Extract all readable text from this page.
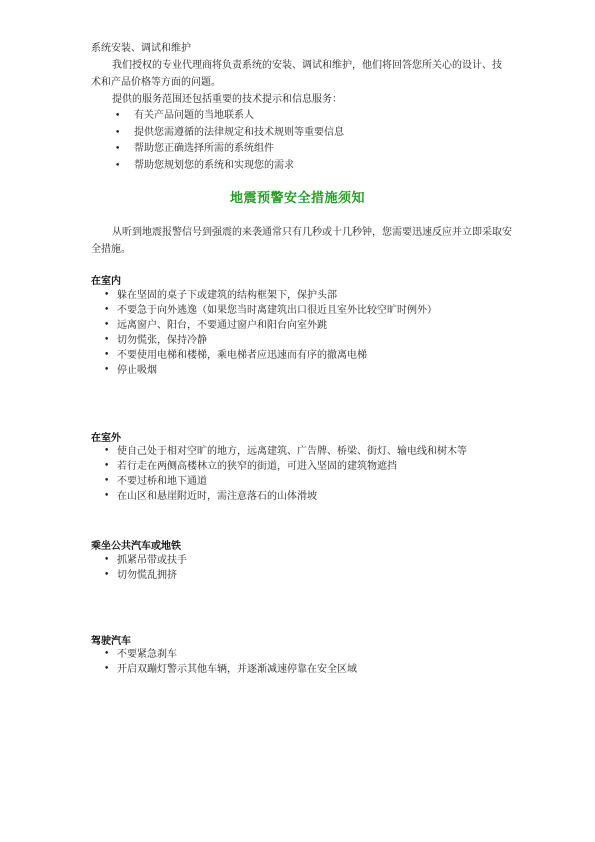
系统安装、调试和维护
我们授权的专业代理商将负责系统的安装、调试和维护，他们将回答您所关心的设计、技术和产品价格等方面的问题。
提供的服务范围还包括重要的技术提示和信息服务：
• 有关产品问题的当地联系人
• 提供您需遵循的法律规定和技术规则等重要信息
• 帮助您正确选择所需的系统组件
• 帮助您规划您的系统和实现您的需求
地震预警安全措施须知
从听到地震报警信号到强震的来袭通常只有几秒或十几秒钟，您需要迅速反应并立即采取安全措施。
在室内
• 躲在坚固的桌子下或建筑的结构框架下，保护头部
• 不要急于向外逃逸（如果您当时离建筑出口很近且室外比较空旷时例外）
• 远离窗户、阳台，不要通过窗户和阳台向室外跳
• 切勿慌张，保持冷静
• 不要使用电梯和楼梯，乘电梯者应迅速而有序的撤离电梯
• 停止吸烟
在室外
• 使自己处于相对空旷的地方，远离建筑、广告牌、桥梁、街灯、输电线和树木等
• 若行走在两侧高楼林立的狭窄的街道，可进入坚固的建筑物遮挡
• 不要过桥和地下通道
• 在山区和悬崖附近时，需注意落石的山体滑坡
乘坐公共汽车或地铁
• 抓紧吊带或扶手
• 切勿慌乱拥挤
驾驶汽车
• 不要紧急刹车
• 开启双蹦灯警示其他车辆，并逐渐减速停靠在安全区域
